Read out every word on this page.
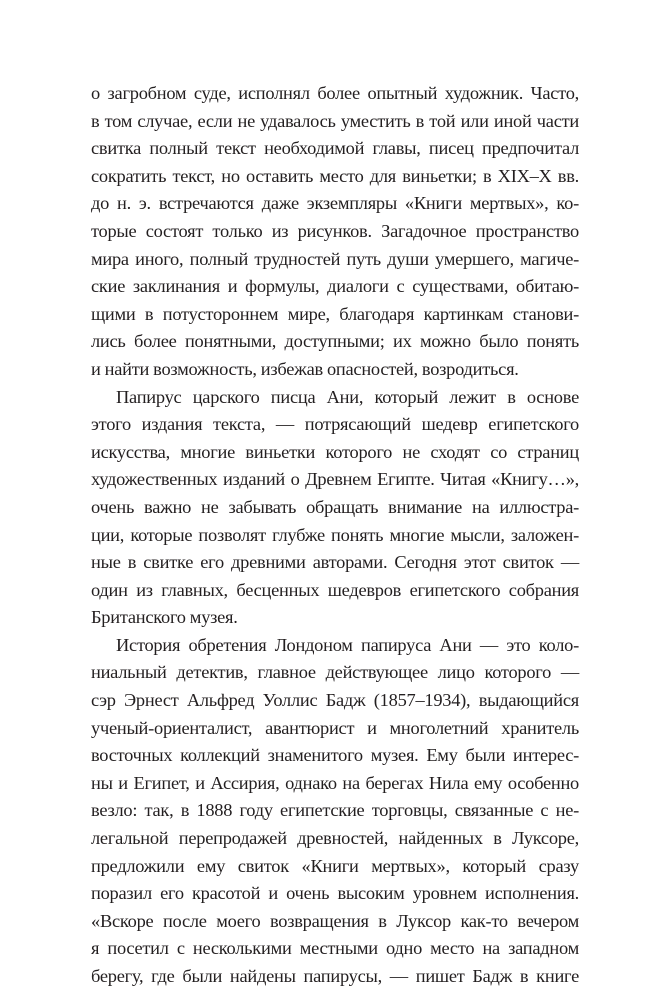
о загробном суде, исполнял более опытный художник. Часто,
в том случае, если не удавалось уместить в той или иной части
свитка полный текст необходимой главы, писец предпочитал
сократить текст, но оставить место для виньетки; в XIX–X вв.
до н. э. встречаются даже экземпляры «Книги мертвых», ко-
торые состоят только из рисунков. Загадочное пространство
мира иного, полный трудностей путь души умершего, магиче-
ские заклинания и формулы, диалоги с существами, обитаю-
щими в потустороннем мире, благодаря картинкам станови-
лись более понятными, доступными; их можно было понять
и найти возможность, избежав опасностей, возродиться.
Папирус царского писца Ани, который лежит в основе
этого издания текста, — потрясающий шедевр египетского
искусства, многие виньетки которого не сходят со страниц
художественных изданий о Древнем Египте. Читая «Книгу…»,
очень важно не забывать обращать внимание на иллюстра-
ции, которые позволят глубже понять многие мысли, заложен-
ные в свитке его древними авторами. Сегодня этот свиток —
один из главных, бесценных шедевров египетского собрания
Британского музея.
История обретения Лондоном папируса Ани — это коло-
ниальный детектив, главное действующее лицо которого —
сэр Эрнест Альфред Уоллис Бадж (1857–1934), выдающийся
ученый-ориенталист, авантюрист и многолетний хранитель
восточных коллекций знаменитого музея. Ему были интерес-
ны и Египет, и Ассирия, однако на берегах Нила ему особенно
везло: так, в 1888 году египетские торговцы, связанные с не-
легальной перепродажей древностей, найденных в Луксоре,
предложили ему свиток «Книги мертвых», который сразу
поразил его красотой и очень высоким уровнем исполнения.
«Вскоре после моего возвращения в Луксор как-то вечером
я посетил с несколькими местными одно место на западном
берегу, где были найдены папирусы, — пишет Бадж в книге
